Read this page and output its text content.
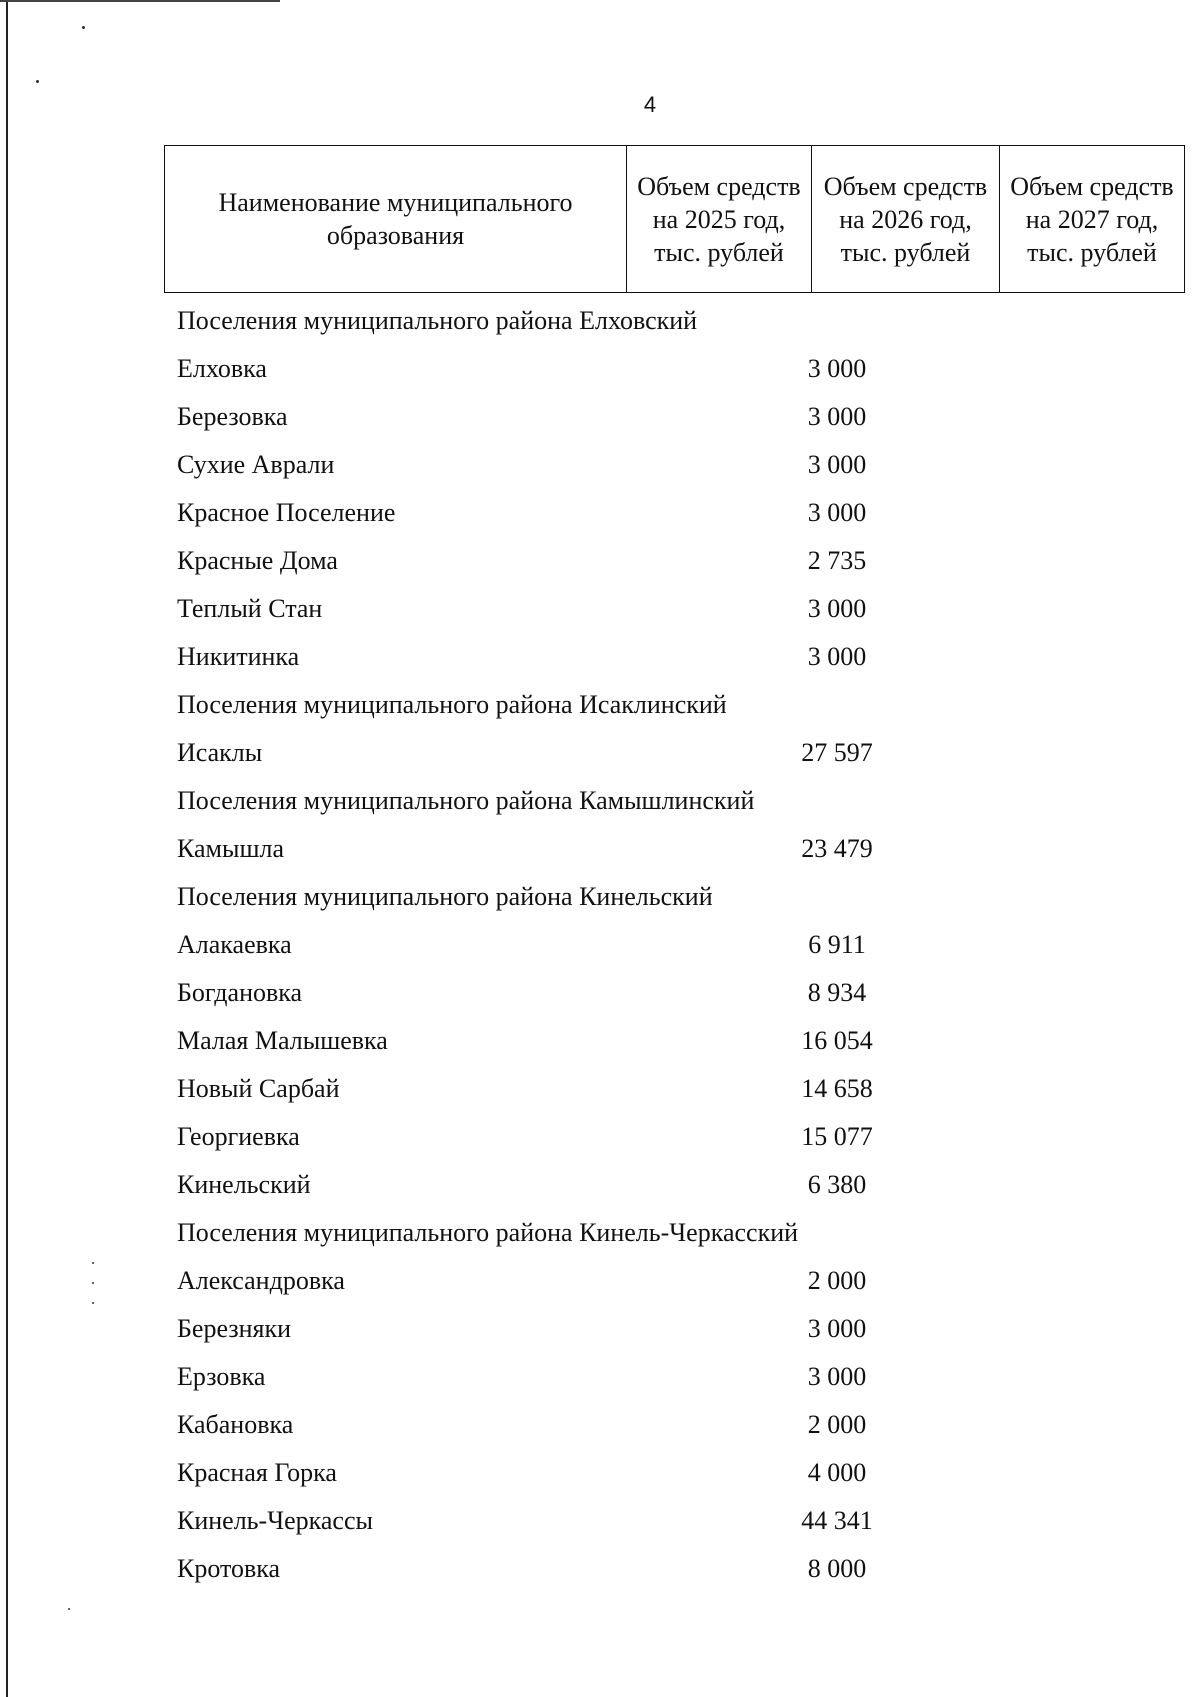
4
Наименование муниципального образования	Объем средств на 2025 год, тыс. рублей	Объем средств на 2026 год, тыс. рублей	Объем средств на 2027 год, тыс. рублей
Поселения муниципального района Елховский
Елховка	3 000
Березовка	3 000
Сухие Аврали	3 000
Красное Поселение	3 000
Красные Дома	2 735
Теплый Стан	3 000
Никитинка	3 000
Поселения муниципального района Исаклинский
Исаклы	27 597
Поселения муниципального района Камышлинский
Камышла	23 479
Поселения муниципального района Кинельский
Алакаевка	6 911
Богдановка	8 934
Малая Малышевка	16 054
Новый Сарбай	14 658
Георгиевка	15 077
Кинельский	6 380
Поселения муниципального района Кинель-Черкасский
Александровка	2 000
Березняки	3 000
Ерзовка	3 000
Кабановка	2 000
Красная Горка	4 000
Кинель-Черкассы	44 341
Кротовка	8 000
